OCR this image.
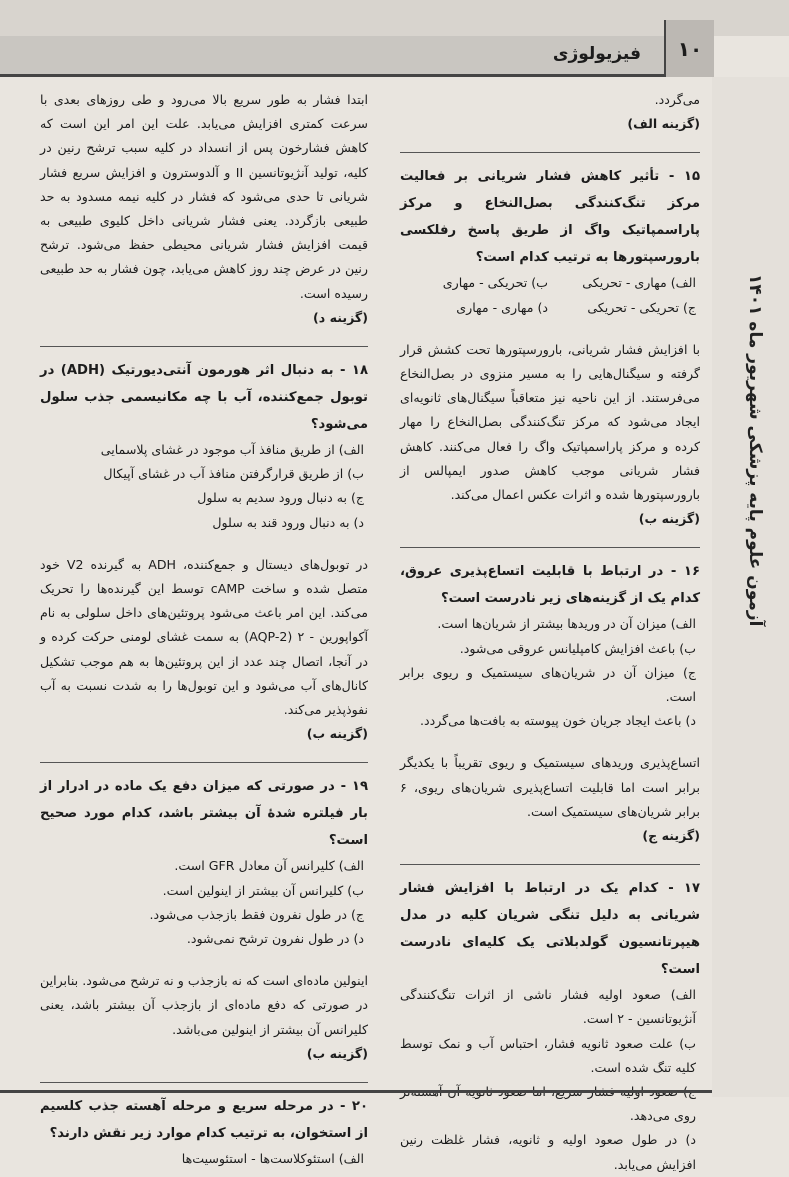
۱۰
فیزیولوژی
آزمون علوم پایه پزشکی شهریور ماه ۱۴۰۱

می‌گردد.

(گزینه الف)

۱۵ - تأثیر کاهش فشار شریانی بر فعالیت مرکز تنگ‌کنندگی بصل‌النخاع و مرکز پاراسمپاتیک واگ از طریق پاسخ رفلکسی بارورسپتورها به ترتیب کدام است؟

الف) مهاری - تحریکی
ب) تحریکی - مهاری
ج) تحریکی - تحریکی
د) مهاری - مهاری

با افزایش فشار شریانی، بارورسپتورها تحت کشش قرار گرفته و سیگنال‌هایی را به مسیر منزوی در بصل‌النخاع می‌فرستند. از این ناحیه نیز متعاقباً سیگنال‌های ثانویه‌ای ایجاد می‌شود که مرکز تنگ‌کنندگی بصل‌النخاع را مهار کرده و مرکز پاراسمپاتیک واگ را فعال می‌کنند. کاهش فشار شریانی موجب کاهش صدور ایمپالس از بارورسپتورها شده و اثرات عکس اعمال می‌کند.

(گزینه ب)

۱۶ - در ارتباط با قابلیت اتساع‌پذیری عروق، کدام یک از گزینه‌های زیر نادرست است؟

الف) میزان آن در وریدها بیشتر از شریان‌ها است.

ب) باعث افزایش کامپلیانس عروقی می‌شود.

ج) میزان آن در شریان‌های سیستمیک و ریوی برابر است.

د) باعث ایجاد جریان خون پیوسته به بافت‌ها می‌گردد.

اتساع‌پذیری وریدهای سیستمیک و ریوی تقریباً با یکدیگر برابر است اما قابلیت اتساع‌پذیری شریان‌های ریوی، ۶ برابر شریان‌های سیستمیک است.

(گزینه ج)

۱۷ - کدام یک در ارتباط با افزایش فشار شریانی به دلیل تنگی شریان کلیه در مدل هیپرتانسیون گولدبلاتی یک کلیه‌ای نادرست است؟

الف) صعود اولیه فشار ناشی از اثرات تنگ‌کنندگی آنژیوتانسین - ۲ است.

ب) علت صعود ثانویه فشار، احتباس آب و نمک توسط کلیه تنگ شده است.

روی می‌دهد.

د) در طول صعود اولیه و ثانویه، فشار غلظت رنین افزایش می‌یابد.

ابتدا فشار به طور سریع بالا می‌رود و طی روزهای بعدی با سرعت کمتری افزایش می‌یابد. علت این امر این است که کاهش فشارخون پس از انسداد در کلیه سبب ترشح رنین در کلیه، تولید آنژیوتانسین II و آلدوسترون و افزایش سریع فشار شریانی تا حدی می‌شود که فشار در کلیه نیمه مسدود به حد طبیعی بازگردد. یعنی فشار شریانی داخل کلیوی طبیعی به قیمت افزایش فشار شریانی محیطی حفظ می‌شود. ترشح رنین در عرض چند روز کاهش می‌یابد، چون فشار به حد طبیعی رسیده است.

(گزینه د)

۱۸ - به دنبال اثر هورمون آنتی‌دیورتیک (ADH) در توبول جمع‌کننده، آب با چه مکانیسمی جذب سلول می‌شود؟

الف) از طریق منافذ آب موجود در غشای پلاسمایی

ب) از طریق قرارگرفتن منافذ آب در غشای آپیکال

ج) به دنبال ورود سدیم به سلول

د) به دنبال ورود قند به سلول

در توبول‌های دیستال و جمع‌کننده، ADH به گیرنده V2 خود متصل شده و ساخت cAMP توسط این گیرنده‌ها را تحریک می‌کند. این امر باعث می‌شود پروتئین‌های داخل سلولی به نام آکواپورین - ۲ (AQP-2) به سمت غشای لومنی حرکت کرده و در آنجا، اتصال چند عدد از این پروتئین‌ها به هم موجب تشکیل کانال‌های آب می‌شود و این توبول‌ها را به شدت نسبت به آب نفوذپذیر می‌کند.

(گزینه ب)

۱۹ - در صورتی که میزان دفع یک ماده در ادرار از بار فیلتره شدهٔ آن بیشتر باشد، کدام مورد صحیح است؟

الف) کلیرانس آن معادل GFR است.

ب) کلیرانس آن بیشتر از اینولین است.

ج) در طول نفرون فقط بازجذب می‌شود.

د) در طول نفرون ترشح نمی‌شود.

اینولین ماده‌ای است که نه بازجذب و نه ترشح می‌شود. بنابراین در صورتی که دفع ماده‌ای از بازجذب آن بیشتر باشد، یعنی کلیرانس آن بیشتر از اینولین می‌باشد.

(گزینه ب)

۲۰ - در مرحله سریع و مرحله آهسته جذب کلسیم از استخوان، به ترتیب کدام موارد زیر نقش دارند؟

الف) استئوکلاست‌ها - استئوسیت‌ها
